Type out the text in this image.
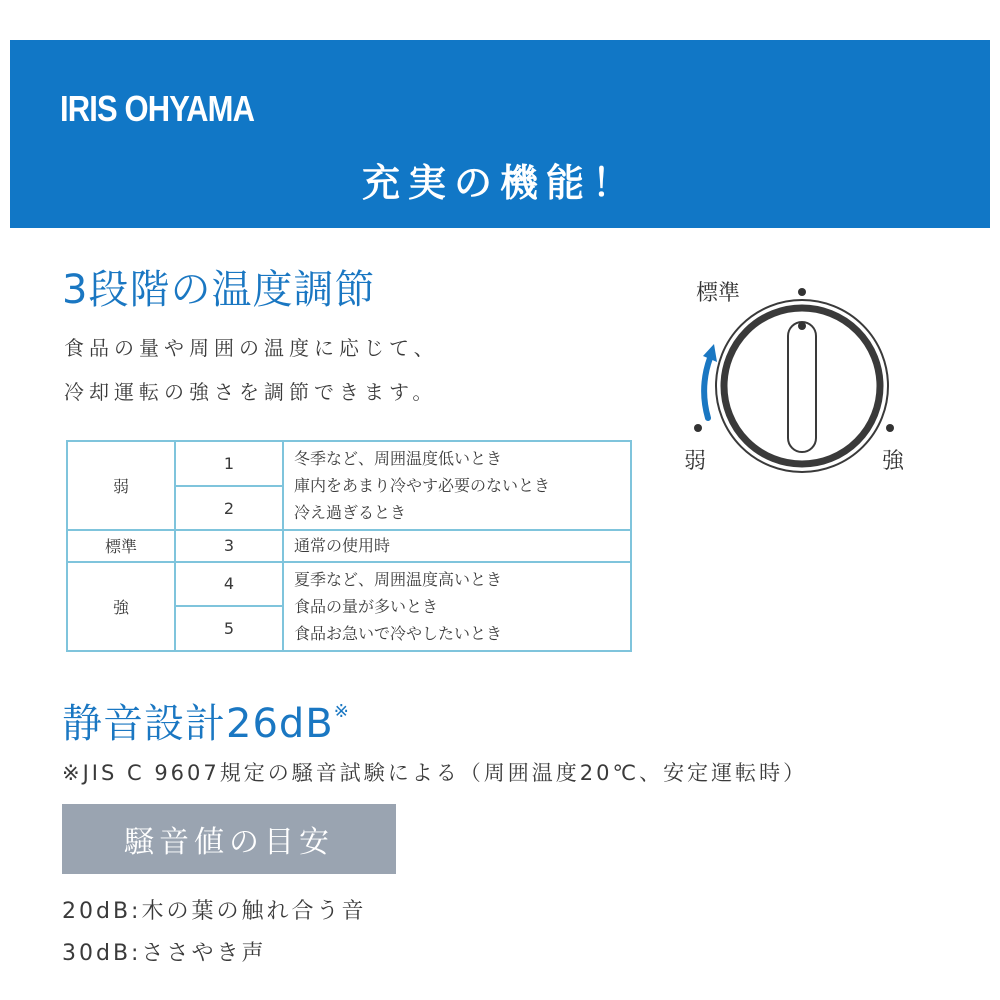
IRIS OHYAMA
充実の機能！
3段階の温度調節
食品の量や周囲の温度に応じて、
冷却運転の強さを調節できます。
弱	1	冬季など、周囲温度低いとき
庫内をあまり冷やす必要のないとき
冷え過ぎるとき

	2	
標準	3	通常の使用時

強	4	夏季など、周囲温度高いとき
食品の量が多いとき
食品お急いで冷やしたいとき

	5	
標準
弱	強
静音設計26dB※
※JIS C 9607規定の騒音試験による（周囲温度20℃、安定運転時）
騒音値の目安
20dB:木の葉の触れ合う音
30dB:ささやき声
